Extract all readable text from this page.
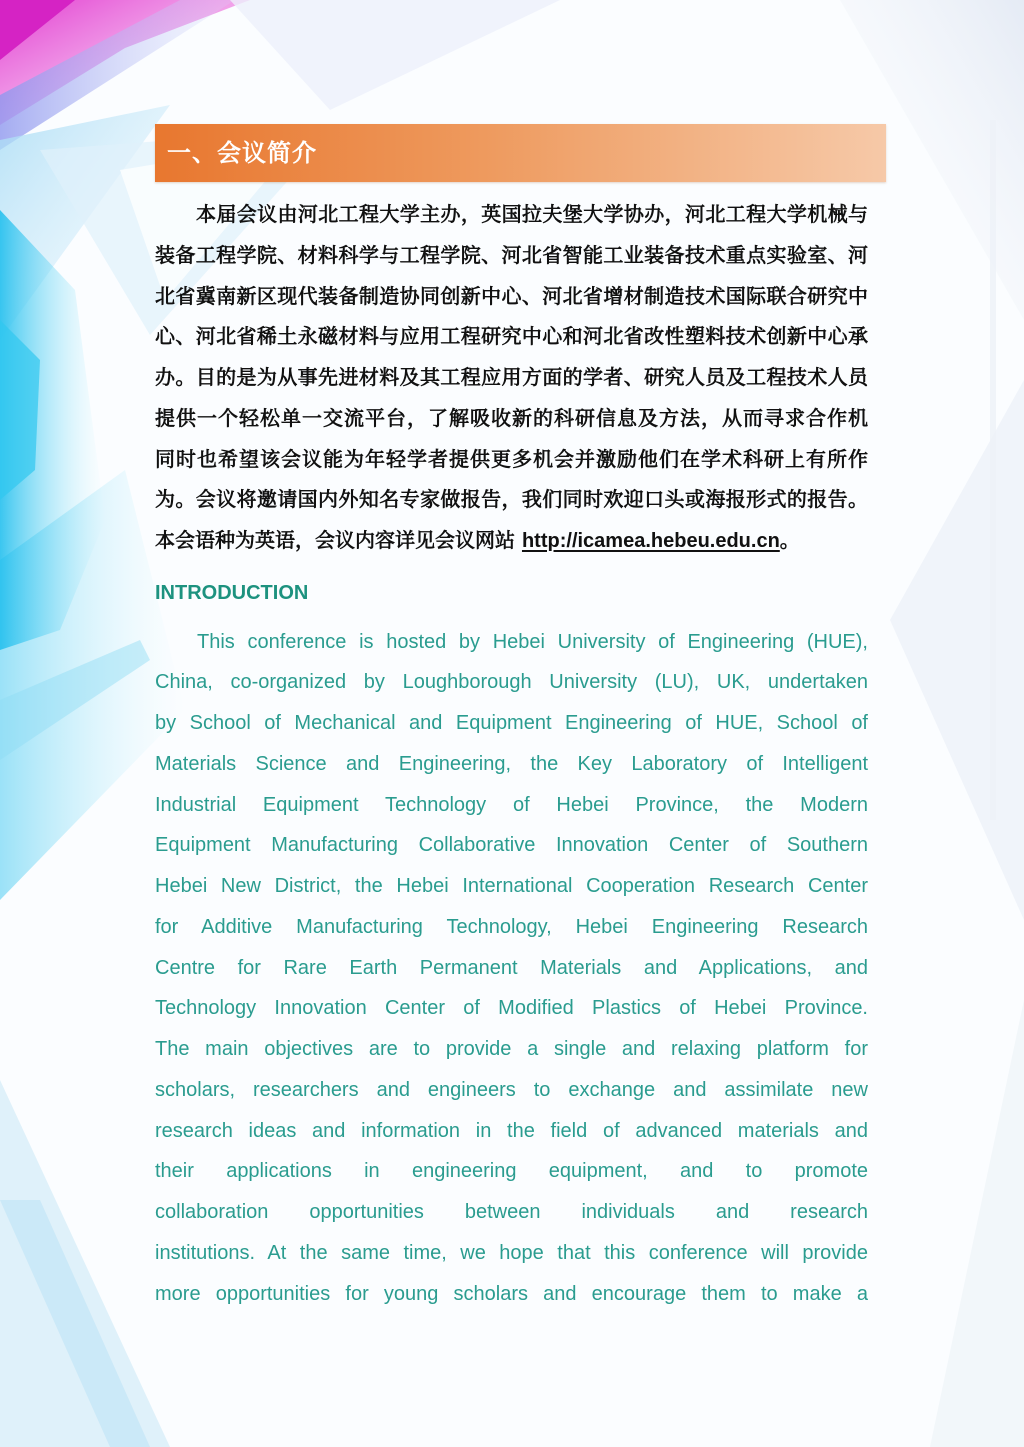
一、会议简介
本届会议由河北工程大学主办，英国拉夫堡大学协办，河北工程大学机械与
装备工程学院、材料科学与工程学院、河北省智能工业装备技术重点实验室、河
北省冀南新区现代装备制造协同创新中心、河北省增材制造技术国际联合研究中
心、河北省稀土永磁材料与应用工程研究中心和河北省改性塑料技术创新中心承
办。目的是为从事先进材料及其工程应用方面的学者、研究人员及工程技术人员
提供一个轻松单一交流平台，了解吸收新的科研信息及方法，从而寻求合作机
同时也希望该会议能为年轻学者提供更多机会并激励他们在学术科研上有所作
为。会议将邀请国内外知名专家做报告，我们同时欢迎口头或海报形式的报告。
本会语种为英语，会议内容详见会议网站 http://icamea.hebeu.edu.cn。
INTRODUCTION
This conference is hosted by Hebei University of Engineering (HUE),
China, co-organized by Loughborough University (LU), UK, undertaken
by School of Mechanical and Equipment Engineering of HUE, School of
Materials Science and Engineering, the Key Laboratory of Intelligent
Industrial Equipment Technology of Hebei Province, the Modern
Equipment Manufacturing Collaborative Innovation Center of Southern
Hebei New District, the Hebei International Cooperation Research Center
for Additive Manufacturing Technology, Hebei Engineering Research
Centre for Rare Earth Permanent Materials and Applications, and
Technology Innovation Center of Modified Plastics of Hebei Province.
The main objectives are to provide a single and relaxing platform for
scholars, researchers and engineers to exchange and assimilate new
research ideas and information in the field of advanced materials and
their applications in engineering equipment, and to promote
collaboration opportunities between individuals and research
institutions. At the same time, we hope that this conference will provide
more opportunities for young scholars and encourage them to make a
